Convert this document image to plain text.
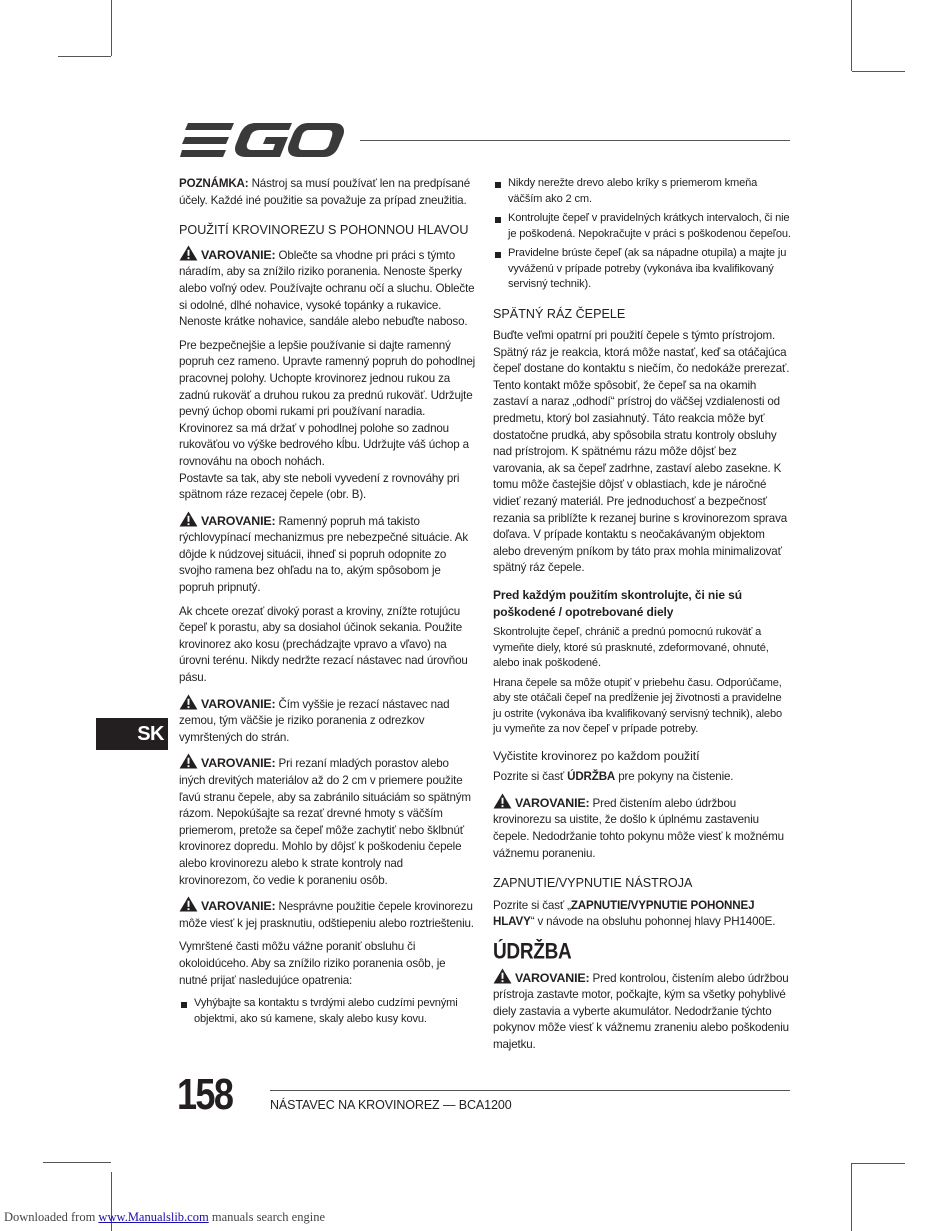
SK

POZNÁMKA: Nástroj sa musí používať len na predpísané účely. Každé iné použitie sa považuje za prípad zneužitia.

POUŽITÍ KROVINOREZU S POHONNOU HLAVOU

VAROVANIE: Oblečte sa vhodne pri práci s týmto náradím, aby sa znížilo riziko poranenia. Nenoste šperky alebo voľný odev. Používajte ochranu očí a sluchu. Oblečte si odolné, dlhé nohavice, vysoké topánky a rukavice. Nenoste krátke nohavice, sandále alebo nebuďte naboso.

Pre bezpečnejšie a lepšie používanie si dajte ramenný popruh cez rameno. Upravte ramenný popruh do pohodlnej pracovnej polohy. Uchopte krovinorez jednou rukou za zadnú rukoväť a druhou rukou za prednú rukoväť. Udržujte pevný úchop obomi rukami pri používaní naradia. Krovinorez sa má držať v pohodlnej polohe so zadnou rukoväťou vo výške bedrového kĺbu. Udržujte váš úchop a rovnováhu na oboch nohách.

Postavte sa tak, aby ste neboli vyvedení z rovnováhy pri spätnom ráze rezacej čepele (obr. B).

VAROVANIE: Ramenný popruh má takisto rýchlovypínací mechanizmus pre nebezpečné situácie. Ak dôjde k núdzovej situácii, ihneď si popruh odopnite zo svojho ramena bez ohľadu na to, akým spôsobom je popruh pripnutý.

Ak chcete orezať divoký porast a kroviny, znížte rotujúcu čepeľ k porastu, aby sa dosiahol účinok sekania. Použite krovinorez ako kosu (prechádzajte vpravo a vľavo) na úrovni terénu. Nikdy nedržte rezací nástavec nad úrovňou pásu.

VAROVANIE: Čím vyššie je rezací nástavec nad zemou, tým väčšie je riziko poranenia z odrezkov vymrštených do strán.

VAROVANIE: Pri rezaní mladých porastov alebo iných drevitých materiálov až do 2 cm v priemere použite ľavú stranu čepele, aby sa zabránilo situáciám so spätným rázom. Nepokúšajte sa rezať drevné hmoty s väčším priemerom, pretože sa čepeľ môže zachytiť nebo šklbnúť krovinorez dopredu. Mohlo by dôjsť k poškodeniu čepele alebo krovinorezu alebo k strate kontroly nad krovinorezom, čo vedie k poraneniu osôb.

VAROVANIE: Nesprávne použitie čepele krovinorezu môže viesť k jej prasknutiu, odštiepeniu alebo roztriešteniu.

Vymrštené časti môžu vážne poraniť obsluhu či okoloidúceho. Aby sa znížilo riziko poranenia osôb, je nutné prijať nasledujúce opatrenia:

Vyhýbajte sa kontaktu s tvrdými alebo cudzími pevnými objektmi, ako sú kamene, skaly alebo kusy kovu.
Nikdy nerežte drevo alebo kríky s priemerom kmeňa väčším ako 2 cm.
Kontrolujte čepeľ v pravidelných krátkych intervaloch, či nie je poškodená. Nepokračujte v práci s poškodenou čepeľou.
Pravidelne brúste čepeľ (ak sa nápadne otupila) a majte ju vyváženú v prípade potreby (vykonáva iba kvalifikovaný servisný technik).
SPÄTNÝ RÁZ ČEPELE

Buďte veľmi opatrní pri použití čepele s týmto prístrojom. Spätný ráz je reakcia, ktorá môže nastať, keď sa otáčajúca čepeľ dostane do kontaktu s niečím, čo nedokáže prerezať. Tento kontakt môže spôsobiť, že čepeľ sa na okamih zastaví a naraz „odhodí“ prístroj do väčšej vzdialenosti od predmetu, ktorý bol zasiahnutý. Táto reakcia môže byť dostatočne prudká, aby spôsobila stratu kontroly obsluhy nad prístrojom. K spätnému rázu môže dôjsť bez varovania, ak sa čepeľ zadrhne, zastaví alebo zasekne. K tomu môže častejšie dôjsť v oblastiach, kde je náročné vidieť rezaný materiál. Pre jednoduchosť a bezpečnosť rezania sa priblížte k rezanej burine s krovinorezom sprava doľava. V prípade kontaktu s neočakávaným objektom alebo dreveným pníkom by táto prax mohla minimalizovať spätný ráz čepele.

Pred každým použitím skontrolujte, či nie sú poškodené / opotrebované diely

Skontrolujte čepeľ, chránič a prednú pomocnú rukoväť a vymeňte diely, ktoré sú prasknuté, zdeformované, ohnuté, alebo inak poškodené.

Hrana čepele sa môže otupiť v priebehu času. Odporúčame, aby ste otáčali čepeľ na predĺženie jej životnosti a pravidelne ju ostrite (vykonáva iba kvalifikovaný servisný technik), alebo ju vymeňte za nov čepeľ v prípade potreby.

Vyčistite krovinorez po každom použití

Pozrite si časť ÚDRŽBA pre pokyny na čistenie.

VAROVANIE: Pred čistením alebo údržbou krovinorezu sa uistite, že došlo k úplnému zastaveniu čepele. Nedodržanie tohto pokynu môže viesť k možnému vážnemu poraneniu.

ZAPNUTIE/VYPNUTIE NÁSTROJA

Pozrite si časť „ZAPNUTIE/VYPNUTIE POHONNEJ HLAVY“ v návode na obsluhu pohonnej hlavy PH1400E.

ÚDRŽBA

VAROVANIE: Pred kontrolou, čistením alebo údržbou prístroja zastavte motor, počkajte, kým sa všetky pohyblivé diely zastavia a vyberte akumulátor. Nedodržanie týchto pokynov môže viesť k vážnemu zraneniu alebo poškodeniu majetku.

158	NÁSTAVEC NA KROVINOREZ — BCA1200
Downloaded from www.Manualslib.com manuals search engine
